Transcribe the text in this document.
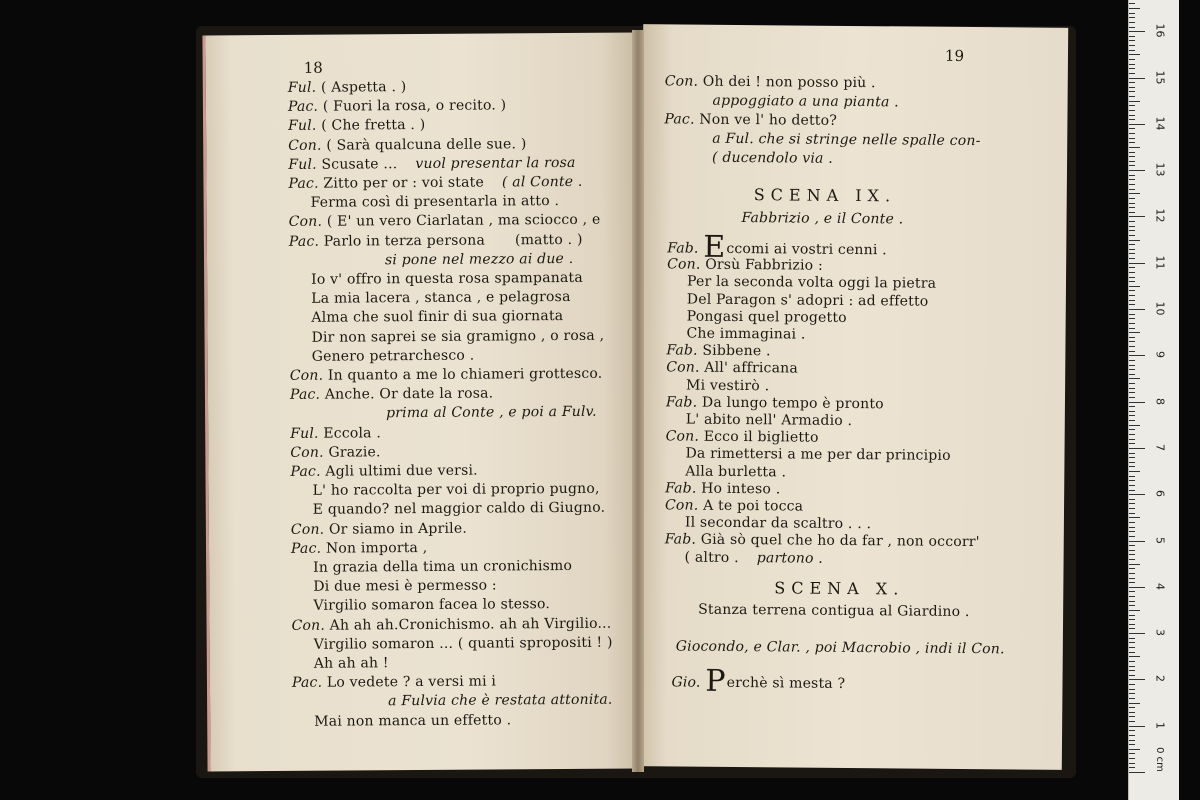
18
Ful. ( Aspetta . )
Pac. ( Fuori la rosa, o recito. )
Ful. ( Che fretta . )
Con. ( Sarà qualcuna delle sue. )
Ful. Scusate ... vuol presentar la rosa
Pac. Zitto per or : voi state ( al Conte .
Ferma così di presentarla in atto .
Con. ( E' un vero Ciarlatan , ma sciocco , e
Pac. Parlo in terza persona (matto . )
si pone nel mezzo ai due .
Io v' offro in questa rosa spampanata
La mia lacera , stanca , e pelagrosa
Alma che suol finir di sua giornata
Dir non saprei se sia gramigno , o rosa ,
Genero petrarchesco .
Con. In quanto a me lo chiameri grottesco.
Pac. Anche. Or date la rosa.
prima al Conte , e poi a Fulv.
Ful. Eccola .
Con. Grazie.
Pac. Agli ultimi due versi.
L' ho raccolta per voi di proprio pugno,
E quando? nel maggior caldo di Giugno.
Con. Or siamo in Aprile.
Pac. Non importa ,
In grazia della tima un cronichismo
Di due mesi è permesso :
Virgilio somaron facea lo stesso.
Con. Ah ah ah.Cronichismo. ah ah Virgilio...
Virgilio somaron ... ( quanti spropositi ! )
Ah ah ah !
Pac. Lo vedete ? a versi mi i
a Fulvia che è restata attonita.
Mai non manca un effetto .
19
SCENA IX.
Fabbrizio , e il Conte .
SCENA X.
Stanza terrena contigua al Giardino .
Giocondo, e Clar. , poi Macrobio , indi il Con.
Con. Oh dei ! non posso più .
appoggiato a una pianta .
Pac. Non ve l' ho detto?
a Ful. che si stringe nelle spalle con-
( ducendolo via .
Fab. Eccomi ai vostri cenni .
Con. Orsù Fabbrizio :
Per la seconda volta oggi la pietra
Del Paragon s' adopri : ad effetto
Pongasi quel progetto
Che immaginai .
Fab. Sibbene .
Con. All' affricana
Mi vestirò .
Fab. Da lungo tempo è pronto
L' abito nell' Armadio .
Con. Ecco il biglietto
Da rimettersi a me per dar principio
Alla burletta .
Fab. Ho inteso .
Con. A te poi tocca
Il secondar da scaltro . . .
Fab. Già sò quel che ho da far , non occorr'
( altro . partono .
Gio. Perchè sì mesta ?
0 cm
1
2
3
4
5
6
7
8
9
10
11
12
13
14
15
16
